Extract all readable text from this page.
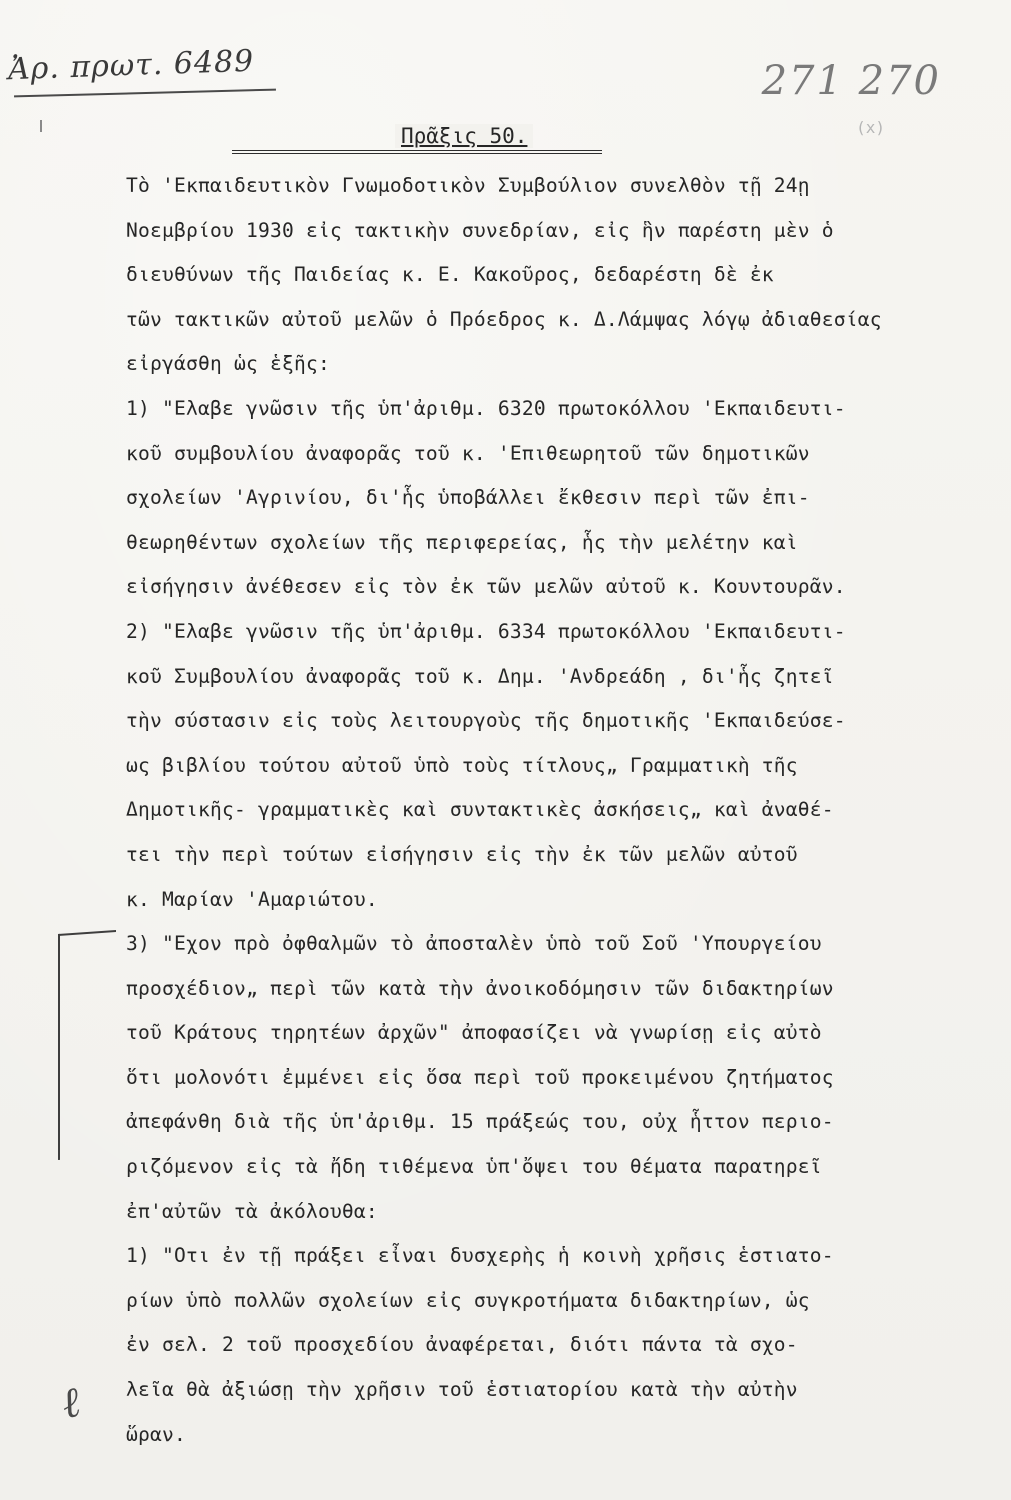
Ἀρ. πρωτ. 6489	271 270
(x)
Πρᾶξις 50.
Τὸ 'Εκπαιδευτικὸν Γνωμοδοτικὸν Συμβούλιον συνελθὸν τῇ 24ῃ
Νοεμβρίου 1930 εἰς τακτικὴν συνεδρίαν, εἰς ἣν παρέστη μὲν ὁ
διευθύνων τῆς Παιδείας κ. Ε. Κακοῦρος, δεδαρέστη δὲ ἐκ
τῶν τακτικῶν αὐτοῦ μελῶν ὁ Πρόεδρος κ. Δ.Λάμψας λόγῳ ἀδιαθεσίας
εἰργάσθη ὡς ἑξῆς:
1) "Ελαβε γνῶσιν τῆς ὑπ'ἀριθμ. 6320 πρωτοκόλλου 'Εκπαιδευτι-
κοῦ συμβουλίου ἀναφορᾶς τοῦ κ. 'Επιθεωρητοῦ τῶν δημοτικῶν
σχολείων 'Αγρινίου, δι'ἧς ὑποβάλλει ἔκθεσιν περὶ τῶν ἐπι-
θεωρηθέντων σχολείων τῆς περιφερείας, ἧς τὴν μελέτην καὶ
εἰσήγησιν ἀνέθεσεν εἰς τὸν ἐκ τῶν μελῶν αὐτοῦ κ. Κουντουρᾶν.
2) "Ελαβε γνῶσιν τῆς ὑπ'ἀριθμ. 6334 πρωτοκόλλου 'Εκπαιδευτι-
κοῦ Συμβουλίου ἀναφορᾶς τοῦ κ. Δημ. 'Ανδρεάδη , δι'ἧς ζητεῖ
τὴν σύστασιν εἰς τοὺς λειτουργοὺς τῆς δημοτικῆς 'Εκπαιδεύσε-
ως βιβλίου τούτου αὐτοῦ ὑπὸ τοὺς τίτλους„ Γραμματικὴ τῆς
Δημοτικῆς- γραμματικὲς καὶ συντακτικὲς ἀσκήσεις„ καὶ ἀναθέ-
τει τὴν περὶ τούτων εἰσήγησιν εἰς τὴν ἐκ τῶν μελῶν αὐτοῦ
κ. Μαρίαν 'Αμαριώτου.
3) "Εχον πρὸ ὀφθαλμῶν τὸ ἀποσταλὲν ὑπὸ τοῦ Σοῦ 'Υπουργείου
προσχέδιον„ περὶ τῶν κατὰ τὴν ἀνοικοδόμησιν τῶν διδακτηρίων
τοῦ Κράτους τηρητέων ἀρχῶν" ἀποφασίζει νὰ γνωρίσῃ εἰς αὐτὸ
ὅτι μολονότι ἐμμένει εἰς ὅσα περὶ τοῦ προκειμένου ζητήματος
ἀπεφάνθη διὰ τῆς ὑπ'ἀριθμ. 15 πράξεώς του, οὐχ ἧττον περιο-
ριζόμενον εἰς τὰ ἤδη τιθέμενα ὑπ'ὄψει του θέματα παρατηρεῖ
ἐπ'αὐτῶν τὰ ἀκόλουθα:
1) "Οτι ἐν τῇ πράξει εἶναι δυσχερὴς ἡ κοινὴ χρῆσις ἑστιατο-
ρίων ὑπὸ πολλῶν σχολείων εἰς συγκροτήματα διδακτηρίων, ὡς
ἐν σελ. 2 τοῦ προσχεδίου ἀναφέρεται, διότι πάντα τὰ σχο-
λεῖα θὰ ἀξιώσῃ τὴν χρῆσιν τοῦ ἑστιατορίου κατὰ τὴν αὐτὴν
ὥραν.
ℓ
